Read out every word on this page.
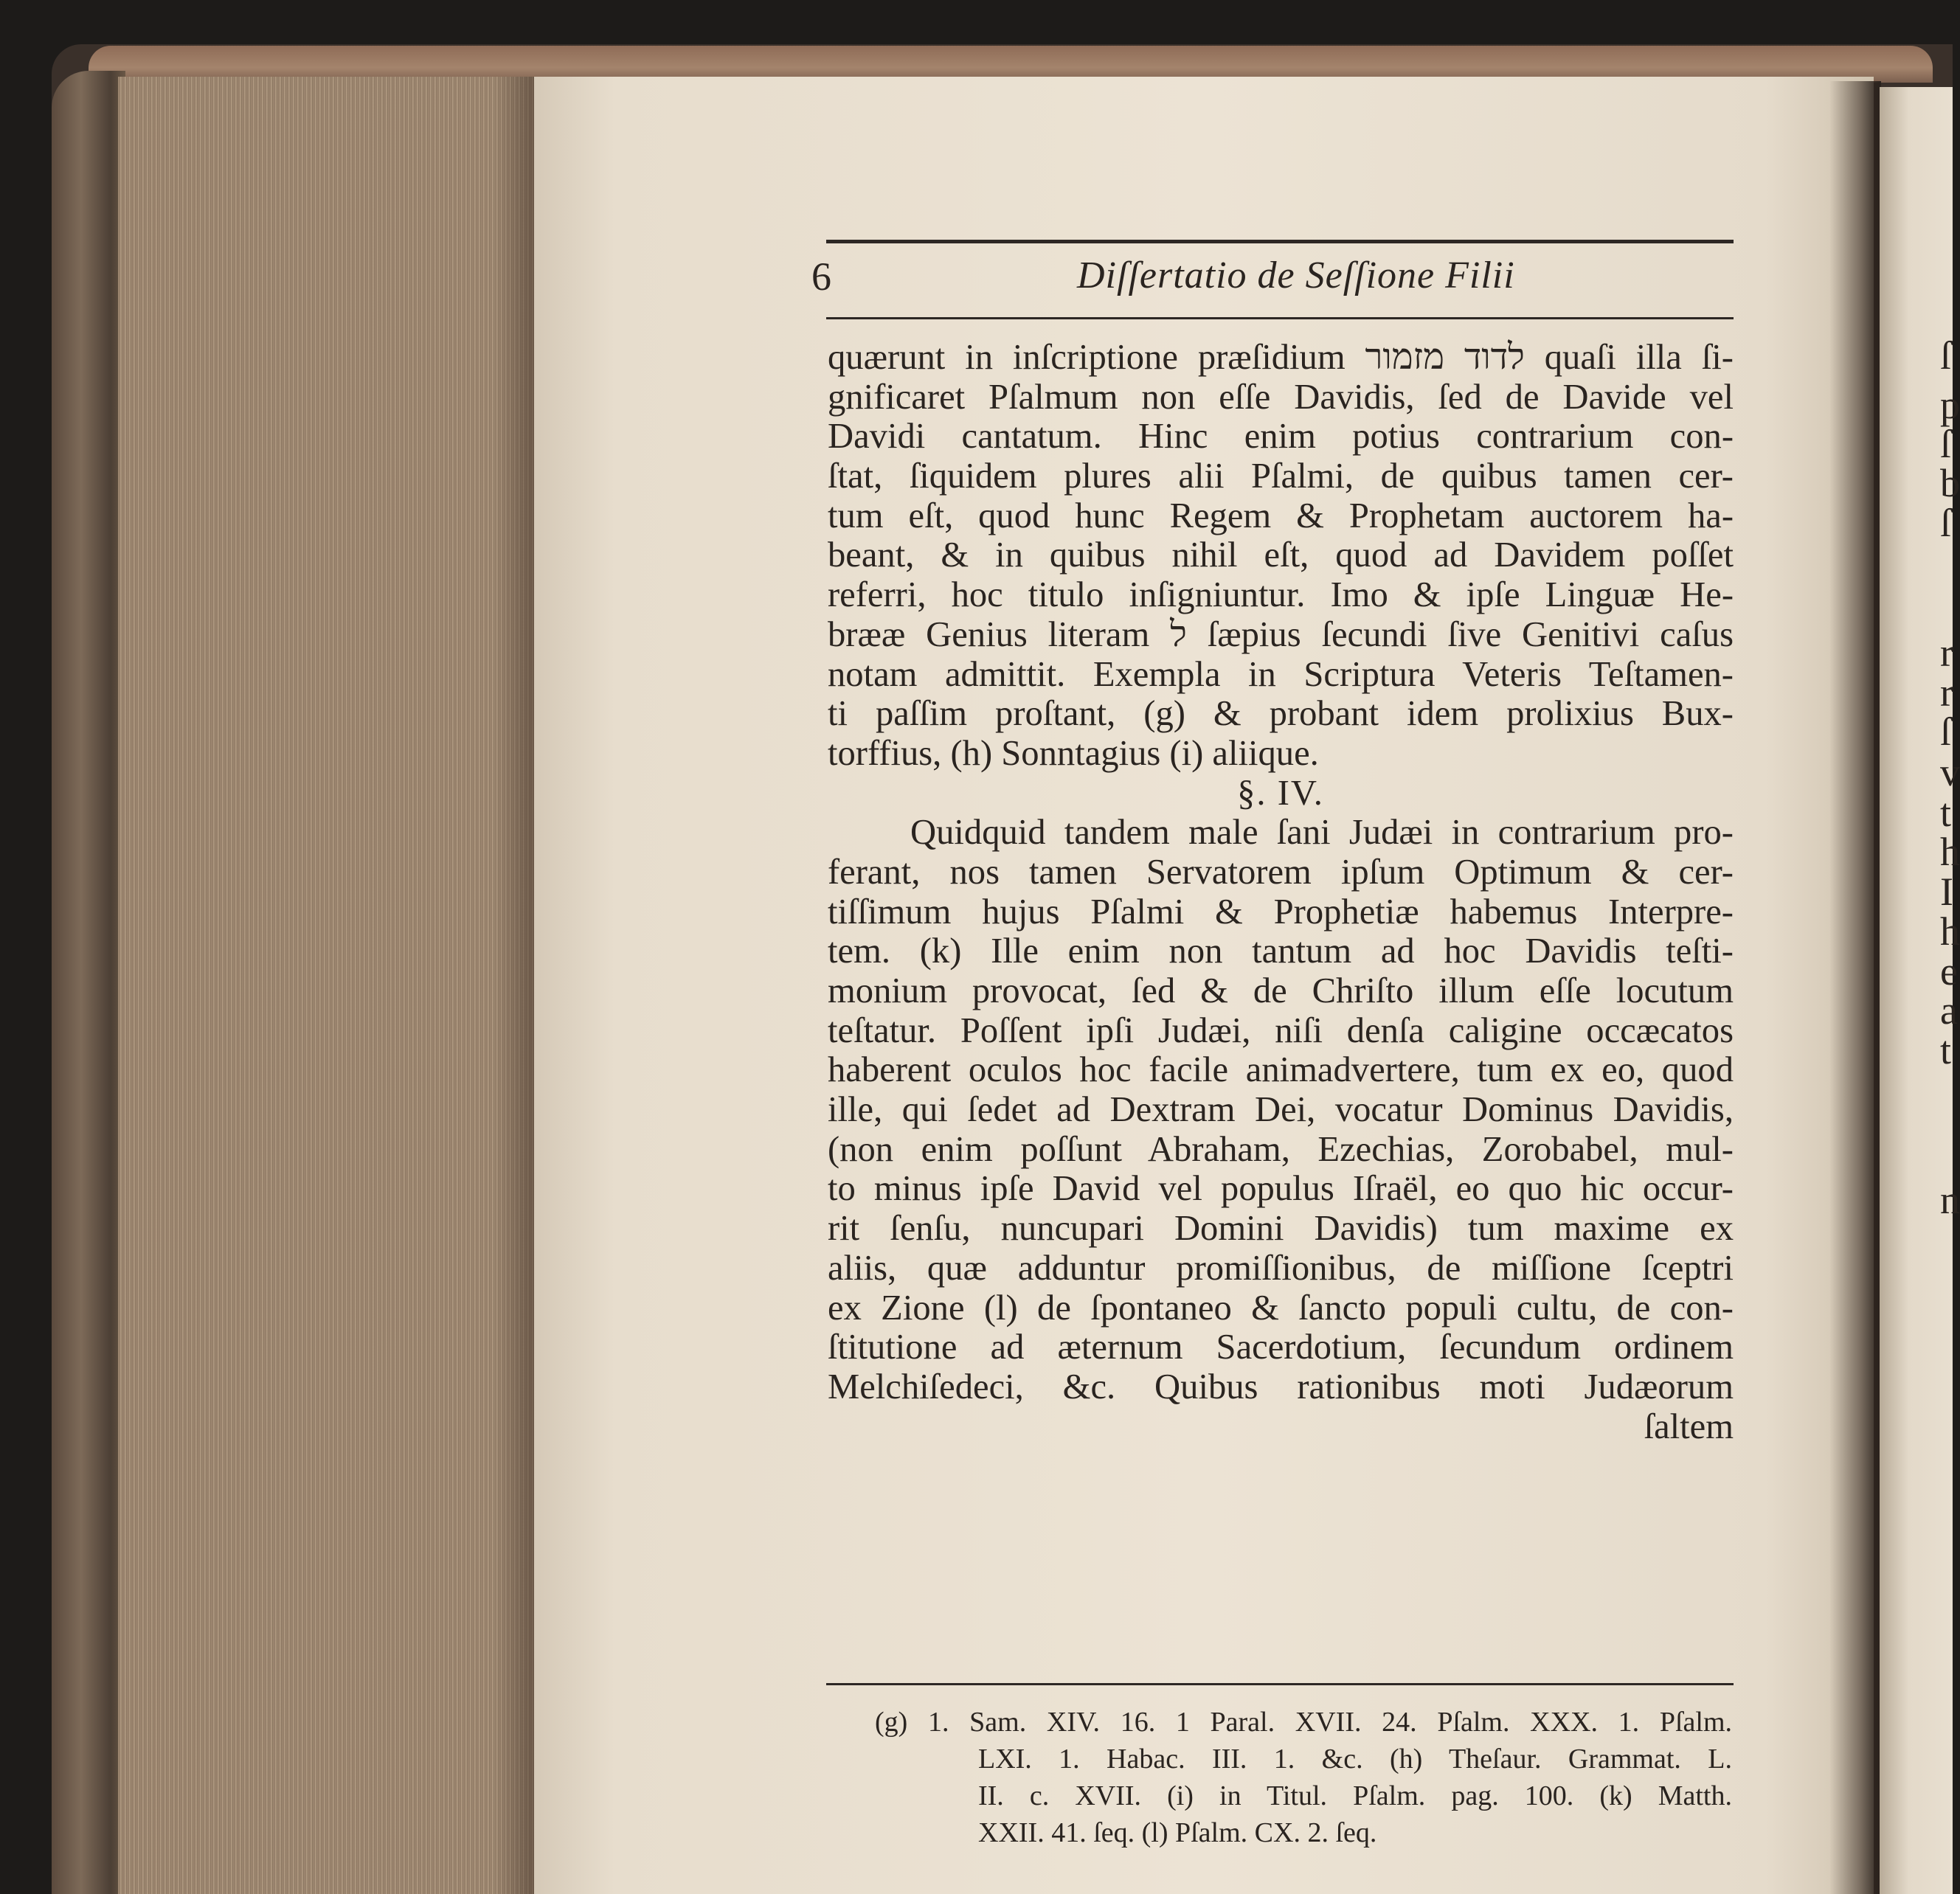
ſ
p
ſ
b
ſ
r
r
ſ
v
t
h
I
h
e
a
t
n
6	Diſſertatio de Seſſione Filii
quærunt in inſcriptione præſidium לדוד מזמור quaſi illa ſi-
gnificaret Pſalmum non eſſe Davidis, ſed de Davide vel
Davidi cantatum. Hinc enim potius contrarium con-
ſtat, ſiquidem plures alii Pſalmi, de quibus tamen cer-
tum eſt, quod hunc Regem & Prophetam auctorem ha-
beant, & in quibus nihil eſt, quod ad Davidem poſſet
referri, hoc titulo inſigniuntur. Imo & ipſe Linguæ He-
brææ Genius literam ל ſæpius ſecundi ſive Genitivi caſus
notam admittit. Exempla in Scriptura Veteris Teſtamen-
ti paſſim proſtant, (g) & probant idem prolixius Bux-
torffius, (h) Sonntagius (i) aliique.
§. IV.
Quidquid tandem male ſani Judæi in contrarium pro-
ferant, nos tamen Servatorem ipſum Optimum & cer-
tiſſimum hujus Pſalmi & Prophetiæ habemus Interpre-
tem. (k) Ille enim non tantum ad hoc Davidis teſti-
monium provocat, ſed & de Chriſto illum eſſe locutum
teſtatur. Poſſent ipſi Judæi, niſi denſa caligine occæcatos
haberent oculos hoc facile animadvertere, tum ex eo, quod
ille, qui ſedet ad Dextram Dei, vocatur Dominus Davidis,
(non enim poſſunt Abraham, Ezechias, Zorobabel, mul-
to minus ipſe David vel populus Iſraël, eo quo hic occur-
rit ſenſu, nuncupari Domini Davidis) tum maxime ex
aliis, quæ adduntur promiſſionibus, de miſſione ſceptri
ex Zione (l) de ſpontaneo & ſancto populi cultu, de con-
ſtitutione ad æternum Sacerdotium, ſecundum ordinem
Melchiſedeci, &c. Quibus rationibus moti Judæorum
ſaltem
(g) 1. Sam. XIV. 16. 1 Paral. XVII. 24. Pſalm. XXX. 1. Pſalm.
LXI. 1. Habac. III. 1. &c. (h) Theſaur. Grammat. L.
II. c. XVII. (i) in Titul. Pſalm. pag. 100. (k) Matth.
XXII. 41. ſeq. (l) Pſalm. CX. 2. ſeq.
